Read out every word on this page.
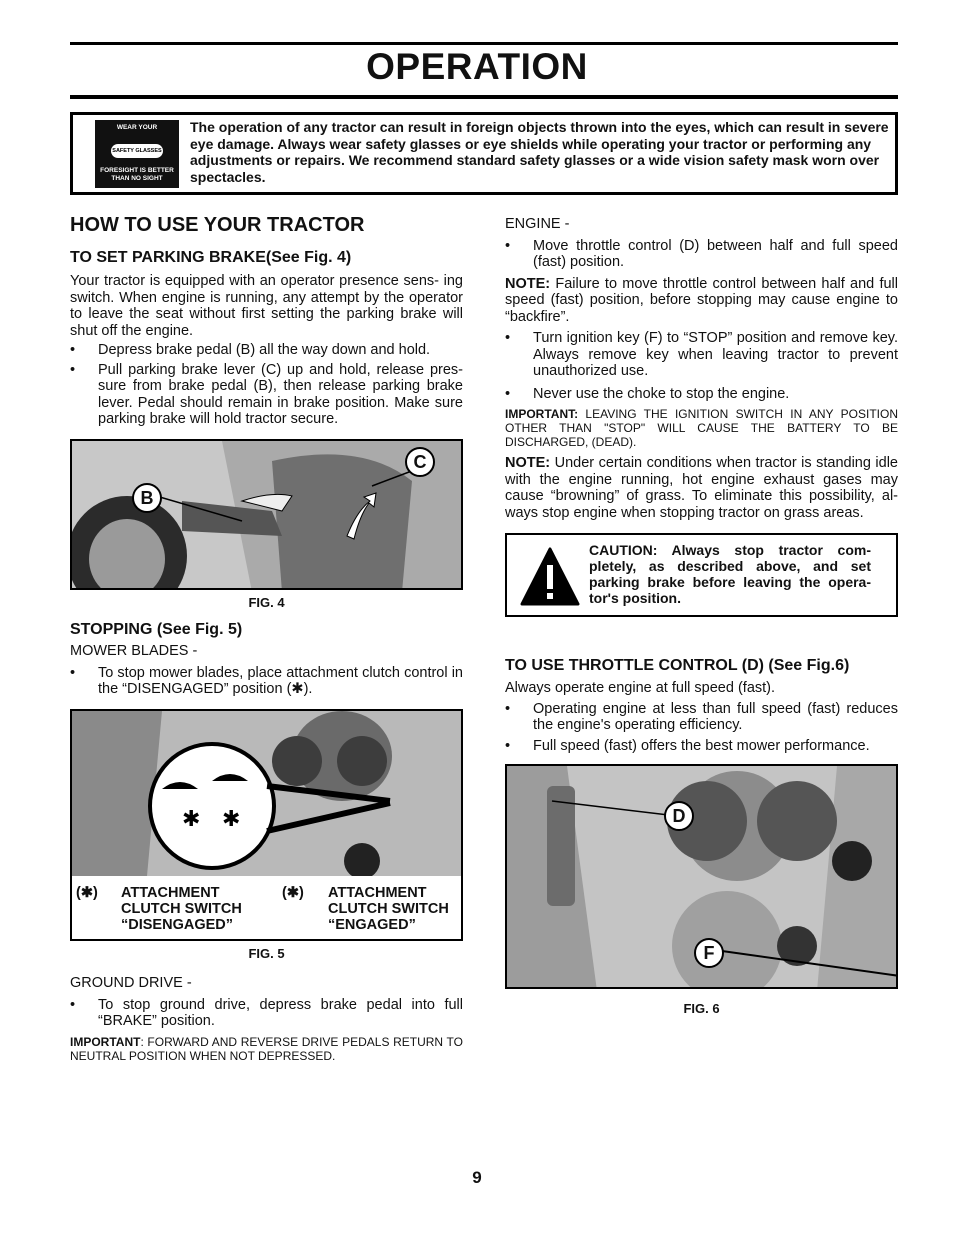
OPERATION
WEAR YOUR
SAFETY GLASSES
FORESIGHT IS BETTER THAN NO SIGHT
The operation of any tractor can result in foreign objects thrown into the eyes, which can result in severe eye damage. Always wear safety glasses or eye shields while operating your tractor or performing any adjustments or repairs. We recommend standard safety glasses or a wide vision safety mask worn over spectacles.
HOW TO USE YOUR TRACTOR
TO SET PARKING BRAKE(See Fig. 4)
Your tractor is equipped with an operator presence sens- ing switch. When engine is running, any attempt by the operator to leave the seat without first setting the parking brake will shut off the engine.
• Depress brake pedal (B) all the way down and hold.
• Pull parking brake lever (C) up and hold, release pres- sure from brake pedal (B), then release parking brake lever. Pedal should remain in brake position. Make sure parking brake will hold tractor secure.
B
C
FIG. 4
STOPPING (See Fig. 5)
MOWER BLADES -
• To stop mower blades, place attachment clutch control in the “DISENGAGED” position (✱).
✱ ✱
(✱)	ATTACHMENT CLUTCH SWITCH “DISENGAGED”
(✱)	ATTACHMENT CLUTCH SWITCH “ENGAGED”
FIG. 5
GROUND DRIVE -
• To stop ground drive, depress brake pedal into full “BRAKE” position.
IMPORTANT: FORWARD AND REVERSE DRIVE PEDALS RETURN TO NEUTRAL POSITION WHEN NOT DEPRESSED.
ENGINE -
• Move throttle control (D) between half and full speed (fast) position.
NOTE: Failure to move throttle control between half and full speed (fast) position, before stopping may cause engine to “backfire”.
• Turn ignition key (F) to “STOP” position and remove key. Always remove key when leaving tractor to prevent unauthorized use.
• Never use the choke to stop the engine.
IMPORTANT: LEAVING THE IGNITION SWITCH IN ANY POSITION OTHER THAN "STOP" WILL CAUSE THE BATTERY TO BE DISCHARGED, (DEAD).
NOTE: Under certain conditions when tractor is standing idle with the engine running, hot engine exhaust gases may cause “browning” of grass. To eliminate this possibility, al- ways stop engine when stopping tractor on grass areas.
CAUTION: Always stop tractor com- pletely, as described above, and set parking brake before leaving the opera- tor's position.
TO USE THROTTLE CONTROL (D) (See Fig.6)
Always operate engine at full speed (fast).
• Operating engine at less than full speed (fast) reduces the engine's operating efficiency.
• Full speed (fast) offers the best mower performance.
D
F
FIG. 6
9
